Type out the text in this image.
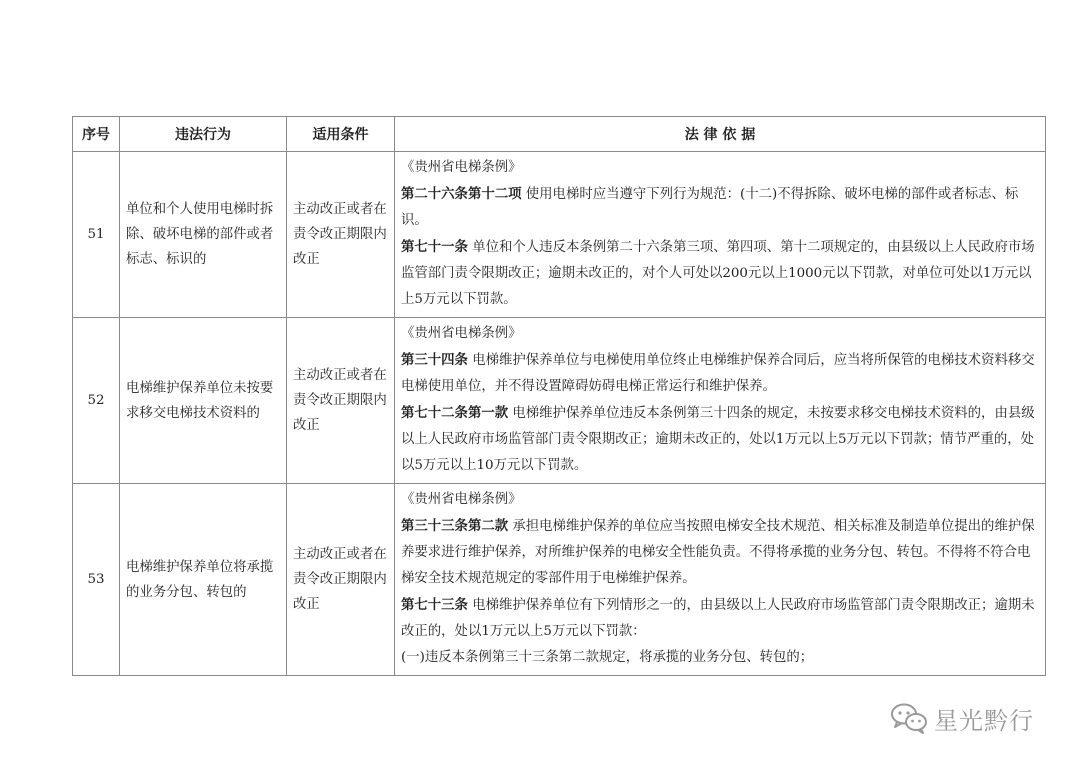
序号	违法行为	适用条件	法 律 依 据
51	单位和个人使用电梯时拆除、破坏电梯的部件或者标志、标识的	主动改正或者在责令改正期限内改正	《贵州省电梯条例》
第二十六条第十二项 使用电梯时应当遵守下列行为规范：(十二)不得拆除、破坏电梯的部件或者标志、标识。
第七十一条 单位和个人违反本条例第二十六条第三项、第四项、第十二项规定的，由县级以上人民政府市场监管部门责令限期改正；逾期未改正的，对个人可处以200元以上1000元以下罚款，对单位可处以1万元以上5万元以下罚款。

52	电梯维护保养单位未按要求移交电梯技术资料的	主动改正或者在责令改正期限内改正	《贵州省电梯条例》
第三十四条 电梯维护保养单位与电梯使用单位终止电梯维护保养合同后，应当将所保管的电梯技术资料移交电梯使用单位，并不得设置障碍妨碍电梯正常运行和维护保养。
第七十二条第一款 电梯维护保养单位违反本条例第三十四条的规定，未按要求移交电梯技术资料的，由县级以上人民政府市场监管部门责令限期改正；逾期未改正的，处以1万元以上5万元以下罚款；情节严重的，处以5万元以上10万元以下罚款。

53	电梯维护保养单位将承揽的业务分包、转包的	主动改正或者在责令改正期限内改正	《贵州省电梯条例》
第三十三条第二款 承担电梯维护保养的单位应当按照电梯安全技术规范、相关标准及制造单位提出的维护保养要求进行维护保养，对所维护保养的电梯安全性能负责。不得将承揽的业务分包、转包。不得将不符合电梯安全技术规范规定的零部件用于电梯维护保养。
第七十三条 电梯维护保养单位有下列情形之一的，由县级以上人民政府市场监管部门责令限期改正；逾期未改正的，处以1万元以上5万元以下罚款：
(一)违反本条例第三十三条第二款规定，将承揽的业务分包、转包的；
星光黔行
